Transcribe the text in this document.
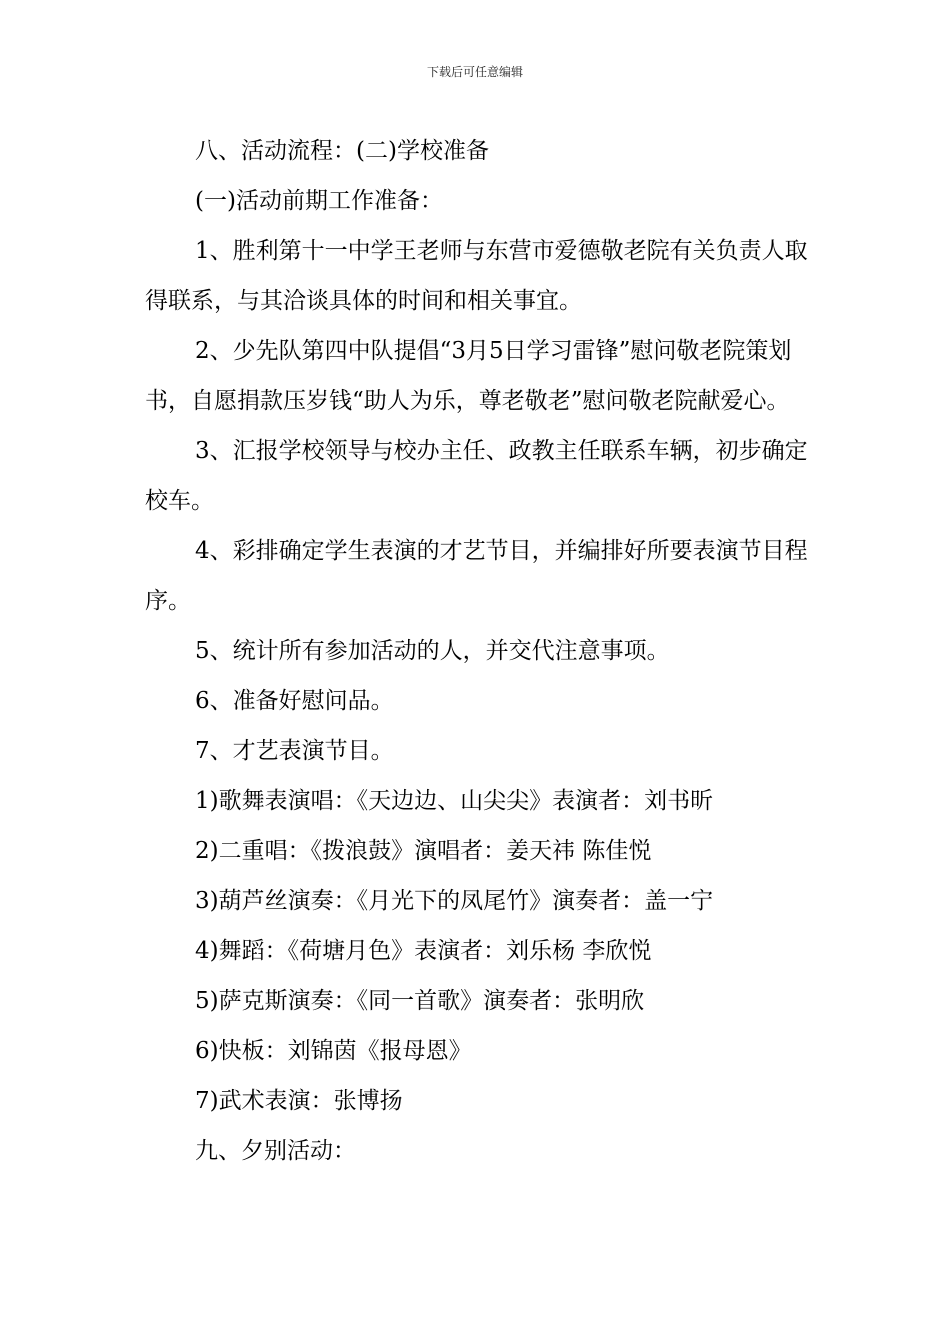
下载后可任意编辑

八、活动流程：(二)学校准备

(一)活动前期工作准备：

1、胜利第十一中学王老师与东营市爱德敬老院有关负责人取得联系，与其洽谈具体的时间和相关事宜。

2、少先队第四中队提倡“3月5日学习雷锋”慰问敬老院策划书，自愿捐款压岁钱“助人为乐，尊老敬老”慰问敬老院献爱心。

3、汇报学校领导与校办主任、政教主任联系车辆，初步确定校车。

4、彩排确定学生表演的才艺节目，并编排好所要表演节目程序。

5、统计所有参加活动的人，并交代注意事项。

6、准备好慰问品。

7、才艺表演节目。

1)歌舞表演唱：《天边边、山尖尖》表演者：刘书昕

2)二重唱：《拨浪鼓》演唱者：姜天祎 陈佳悦

3)葫芦丝演奏：《月光下的凤尾竹》演奏者：盖一宁

4)舞蹈：《荷塘月色》表演者：刘乐杨 李欣悦

5)萨克斯演奏：《同一首歌》演奏者：张明欣

6)快板：刘锦茵《报母恩》

7)武术表演：张博扬

九、夕别活动：
